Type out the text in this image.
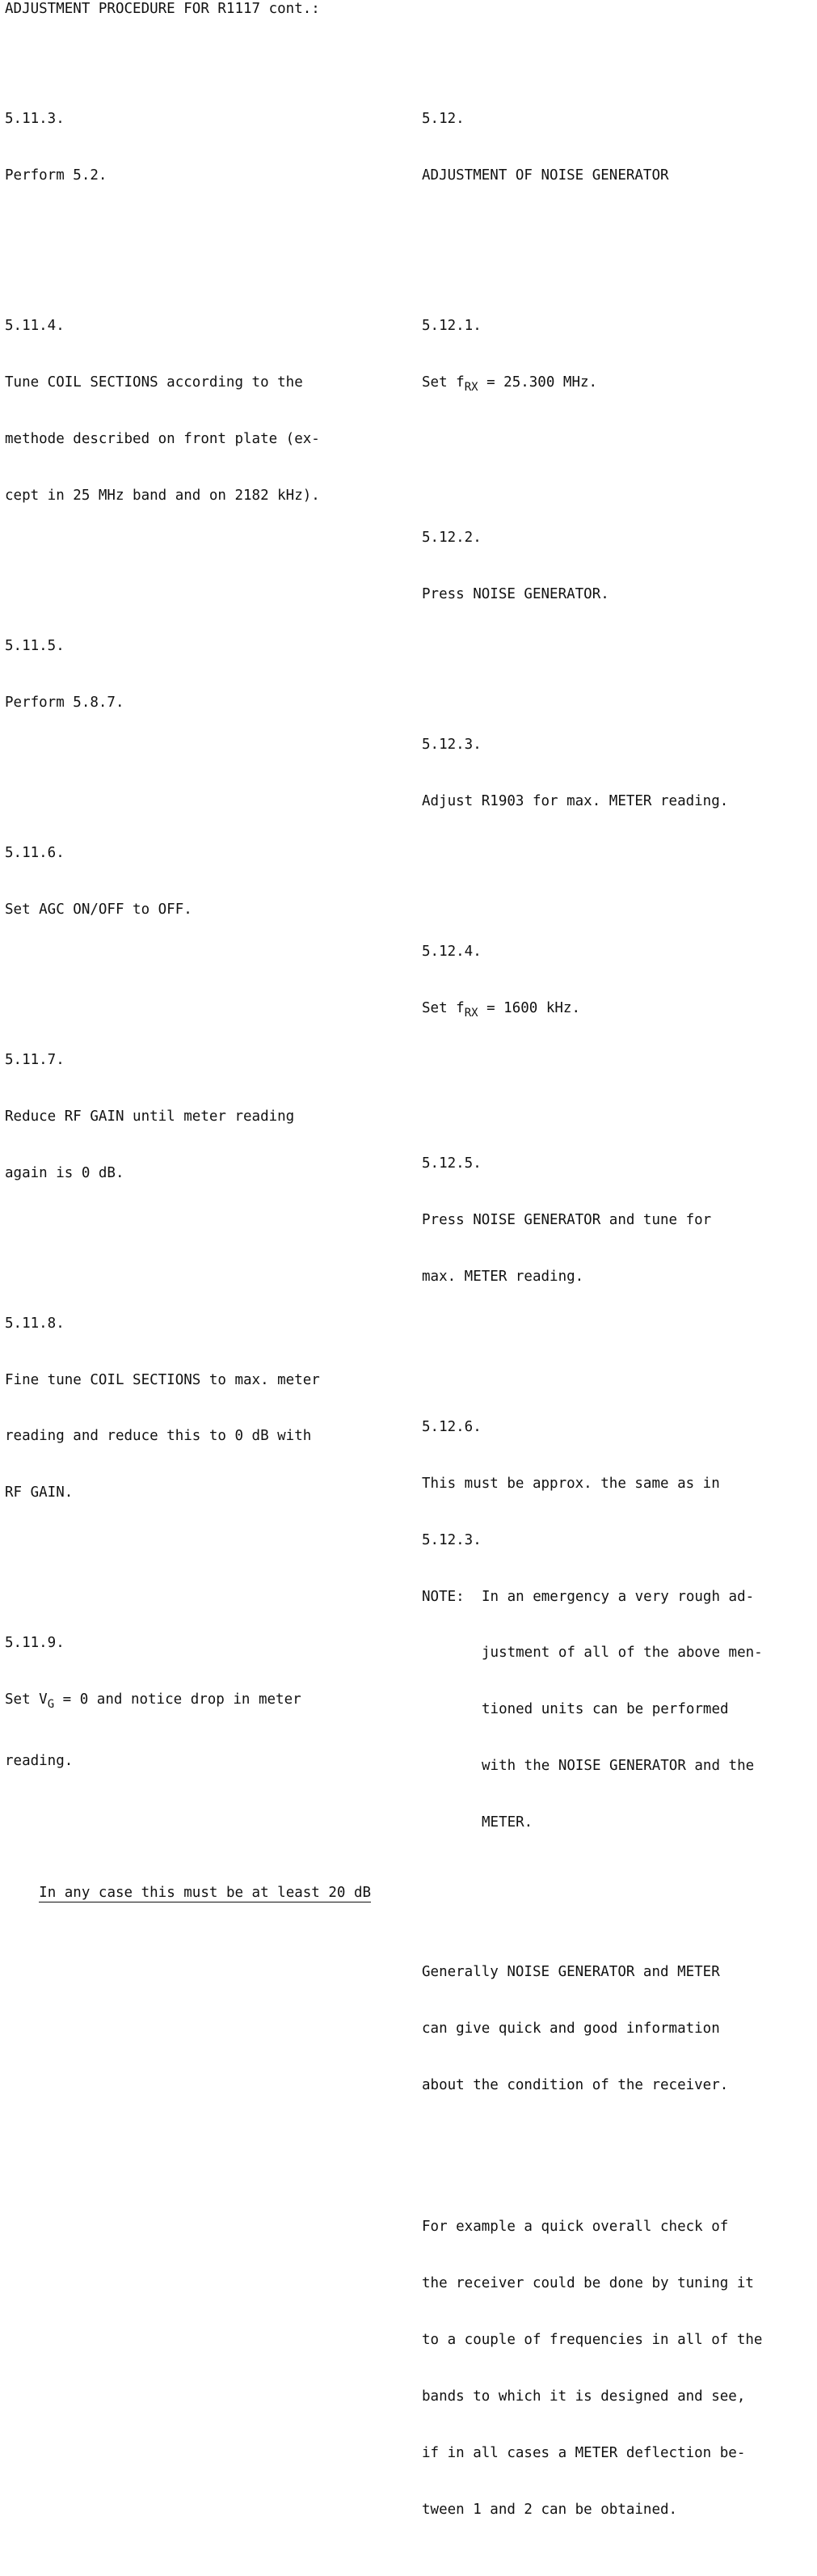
ADJUSTMENT PROCEDURE FOR R1117 cont.:

5.11.3.

Perform 5.2.

5.11.4.

Tune COIL SECTIONS according to the

methode described on front plate (ex-

cept in 25 MHz band and on 2182 kHz).

5.11.5.

Perform 5.8.7.

5.11.6.

Set AGC ON/OFF to OFF.

5.11.7.

Reduce RF GAIN until meter reading

again is 0 dB.

5.11.8.

Fine tune COIL SECTIONS to max. meter

reading and reduce this to 0 dB with

RF GAIN.

5.11.9.

Set $V_G = 0$ and notice drop in meter

reading.

In any case this must be at least 20 dB

5.12.

ADJUSTMENT OF NOISE GENERATOR

5.12.1.

Set $f_{RX} = 25.300$ MHz.

5.12.2.

Press NOISE GENERATOR.

5.12.3.

Adjust R1903 for max. METER reading.

5.12.4.

Set $f_{RX} = 1600$ kHz.

5.12.5.

Press NOISE GENERATOR and tune for

max. METER reading.

5.12.6.

This must be approx. the same as in

5.12.3.

NOTE: In an emergency a very rough ad-

justment of all of the above men-

tioned units can be performed

with the NOISE GENERATOR and the

METER.

Generally NOISE GENERATOR and METER

can give quick and good information

about the condition of the receiver.

For example a quick overall check of

the receiver could be done by tuning it

to a couple of frequencies in all of the

bands to which it is designed and see,

if in all cases a METER deflection be-

tween 1 and 2 can be obtained.
